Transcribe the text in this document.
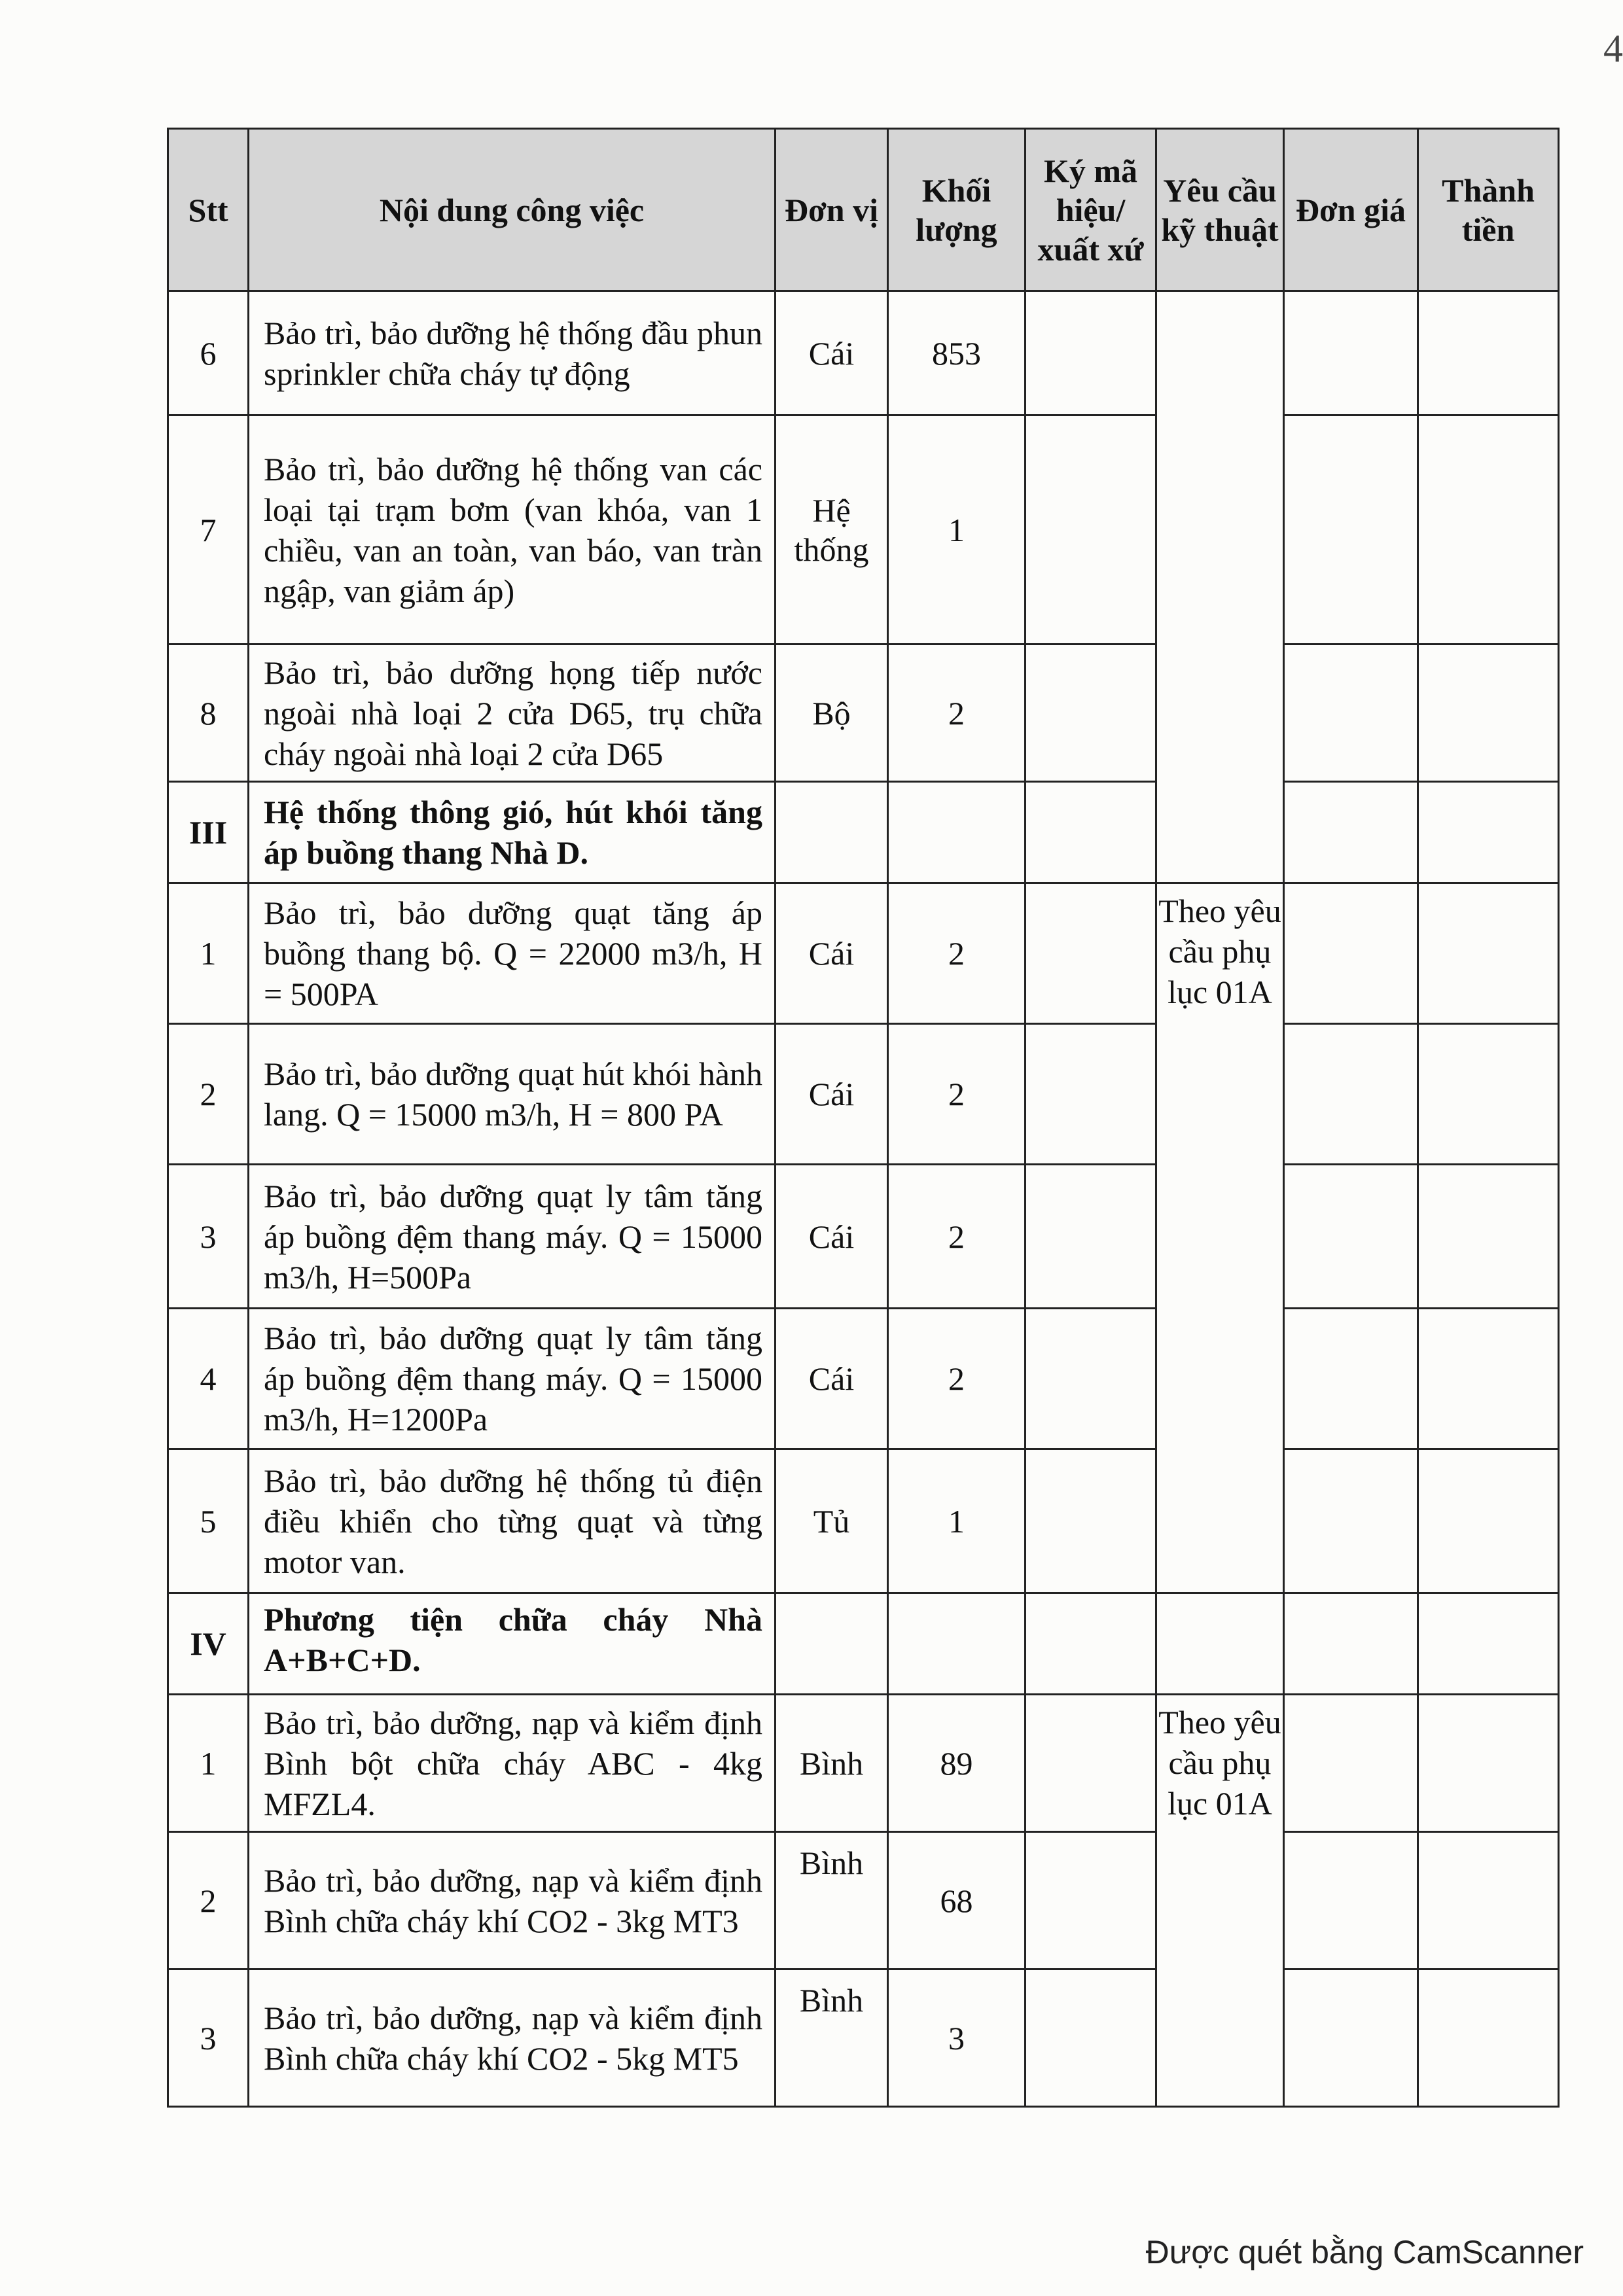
4
Stt	Nội dung công việc	Đơn vị	Khối lượng	Ký mã hiệu/ xuất xứ	Yêu cầu kỹ thuật	Đơn giá	Thành tiền
6	Bảo trì, bảo dưỡng hệ thống đầu phun sprinkler chữa cháy tự động	Cái	853				
7	Bảo trì, bảo dưỡng hệ thống van các loại tại trạm bơm (van khóa, van 1 chiều, van an toàn, van báo, van tràn ngập, van giảm áp)	Hệ thống	1				
8	Bảo trì, bảo dưỡng họng tiếp nước ngoài nhà loại 2 cửa D65, trụ chữa cháy ngoài nhà loại 2 cửa D65	Bộ	2				
III	Hệ thống thông gió, hút khói tăng áp buồng thang Nhà D.						
1	Bảo trì, bảo dưỡng quạt tăng áp buồng thang bộ. Q = 22000 m3/h, H = 500PA	Cái	2		Theo yêu cầu phụ lục 01A		
2	Bảo trì, bảo dưỡng quạt hút khói hành lang. Q = 15000 m3/h, H = 800 PA	Cái	2				
3	Bảo trì, bảo dưỡng quạt ly tâm tăng áp buồng đệm thang máy. Q = 15000 m3/h, H=500Pa	Cái	2				
4	Bảo trì, bảo dưỡng quạt ly tâm tăng áp buồng đệm thang máy. Q = 15000 m3/h, H=1200Pa	Cái	2				
5	Bảo trì, bảo dưỡng hệ thống tủ điện điều khiển cho từng quạt và từng motor van.	Tủ	1				
IV	Phương tiện chữa cháy Nhà A+B+C+D.						
1	Bảo trì, bảo dưỡng, nạp và kiểm định Bình bột chữa cháy ABC - 4kg MFZL4.	Bình	89		Theo yêu cầu phụ lục 01A		
2	Bảo trì, bảo dưỡng, nạp và kiểm định Bình chữa cháy khí CO2 - 3kg MT3	Bình	68				
3	Bảo trì, bảo dưỡng, nạp và kiểm định Bình chữa cháy khí CO2 - 5kg MT5	Bình	3				
Được quét bằng CamScanner
